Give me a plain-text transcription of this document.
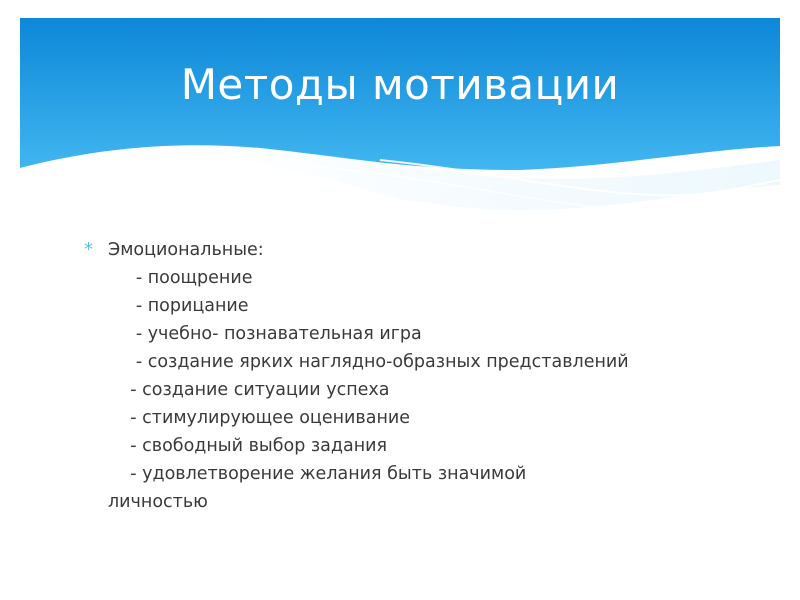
Методы мотивации
* Эмоциональные:
- поощрение
- порицание
- учебно- познавательная игра
- создание ярких наглядно-образных представлений
- создание ситуации успеха
- стимулирующее оценивание
- свободный выбор задания
- удовлетворение желания быть значимой
личностью
